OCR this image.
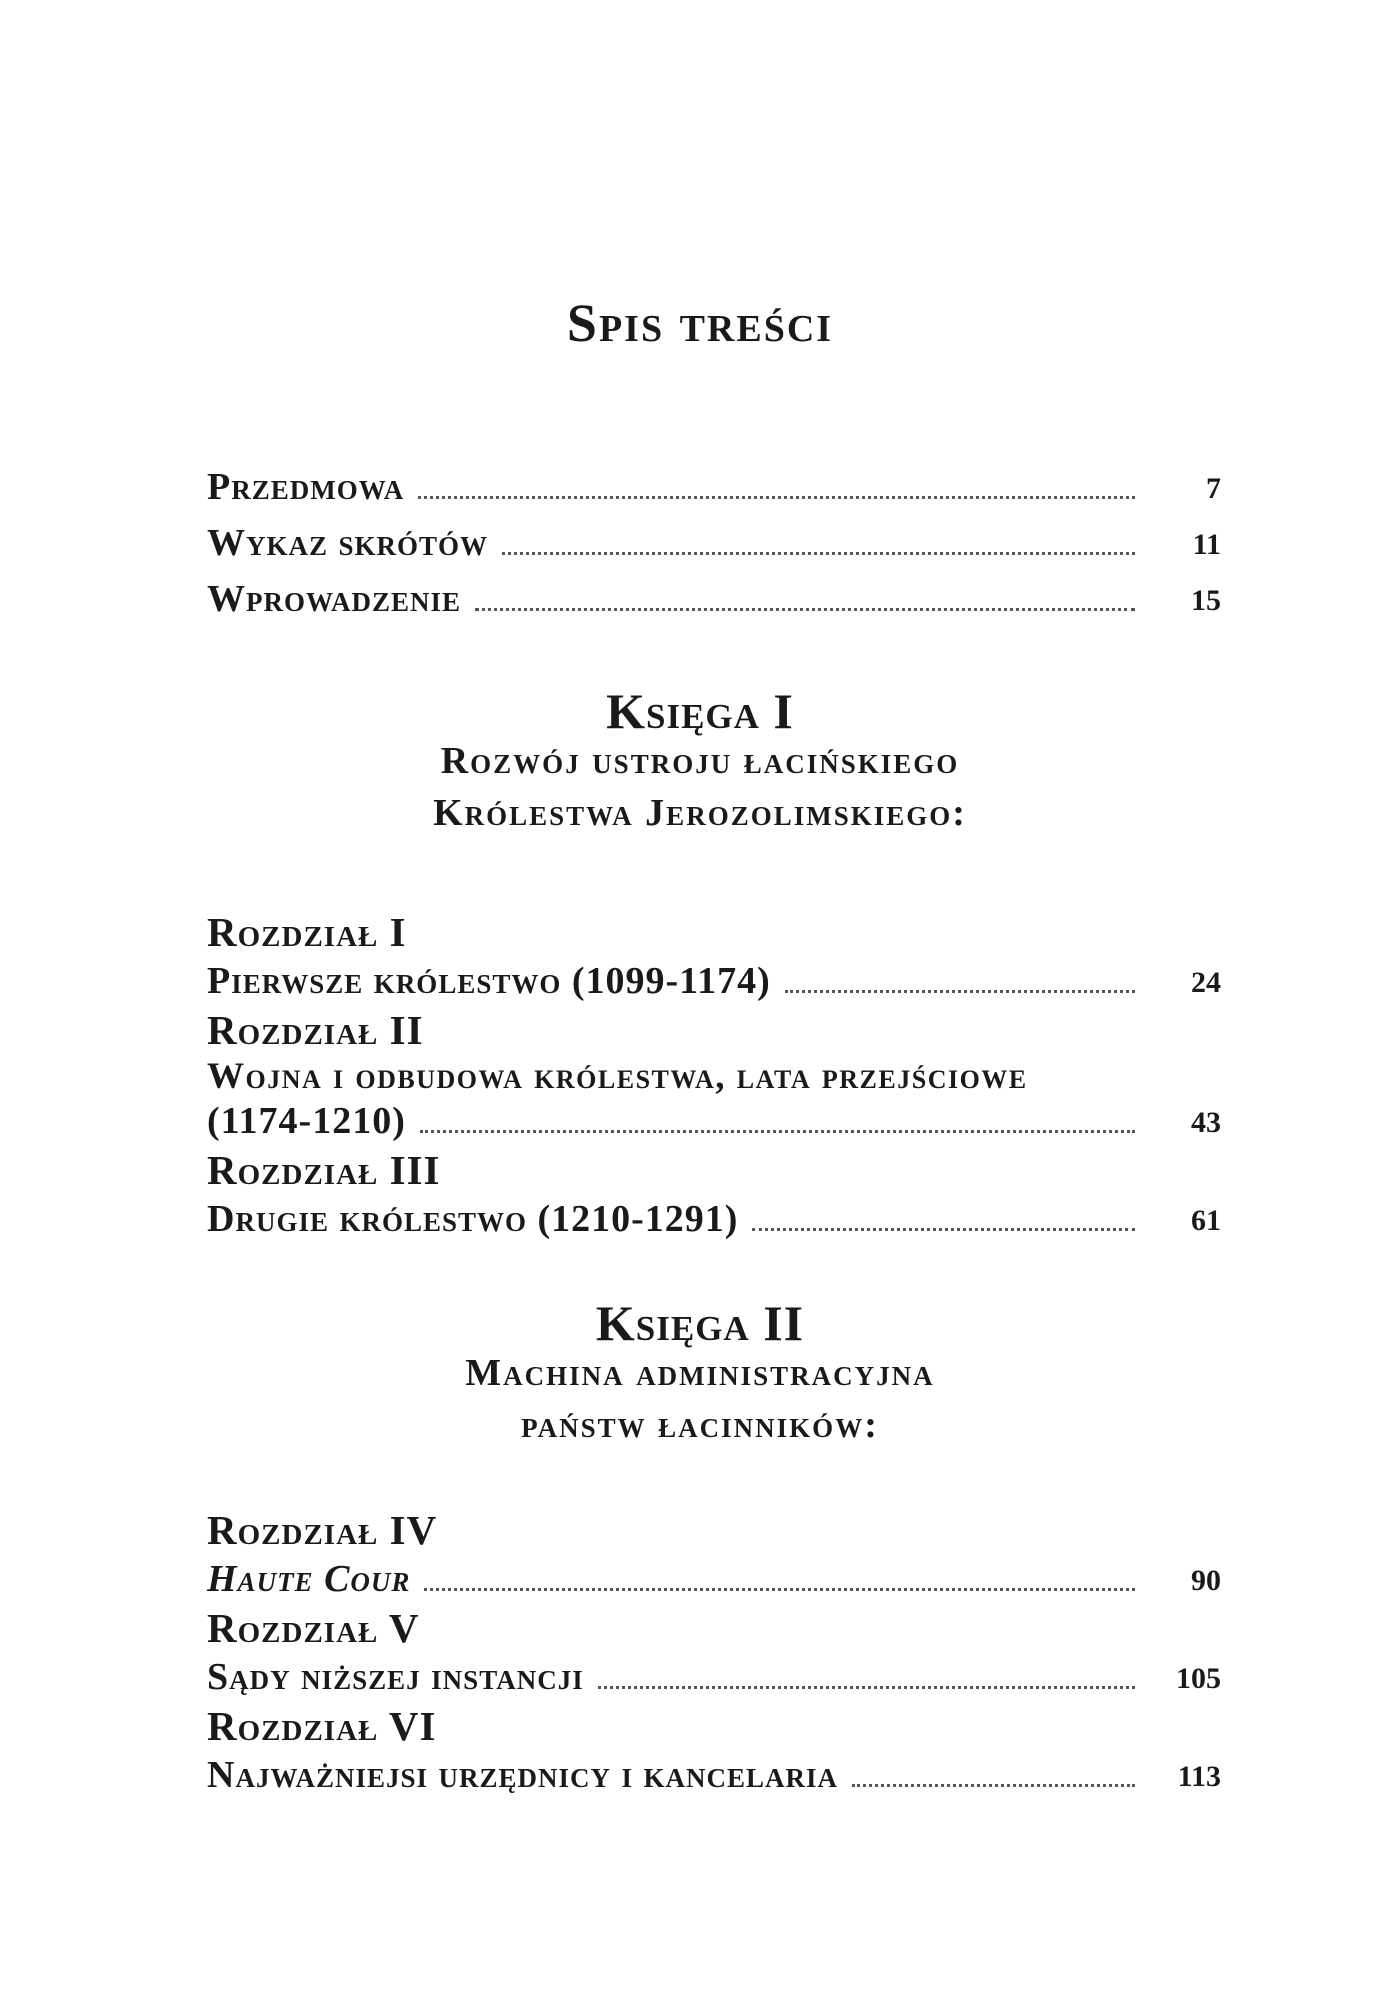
Spis treści
Przedmowa	7
Wykaz skrótów	11
Wprowadzenie	15
Księga I
Rozwój ustroju łacińskiego
Królestwa Jerozolimskiego:
Rozdział I
Pierwsze królestwo (1099-1174)	24
Rozdział II
Wojna i odbudowa królestwa, lata przejściowe
(1174-1210)	43
Rozdział III
Drugie królestwo (1210-1291)	61
Księga II
Machina administracyjna
państw łacinników:
Rozdział IV
Haute Cour	90
Rozdział V
Sądy niższej instancji	105
Rozdział VI
Najważniejsi urzędnicy i kancelaria	113
